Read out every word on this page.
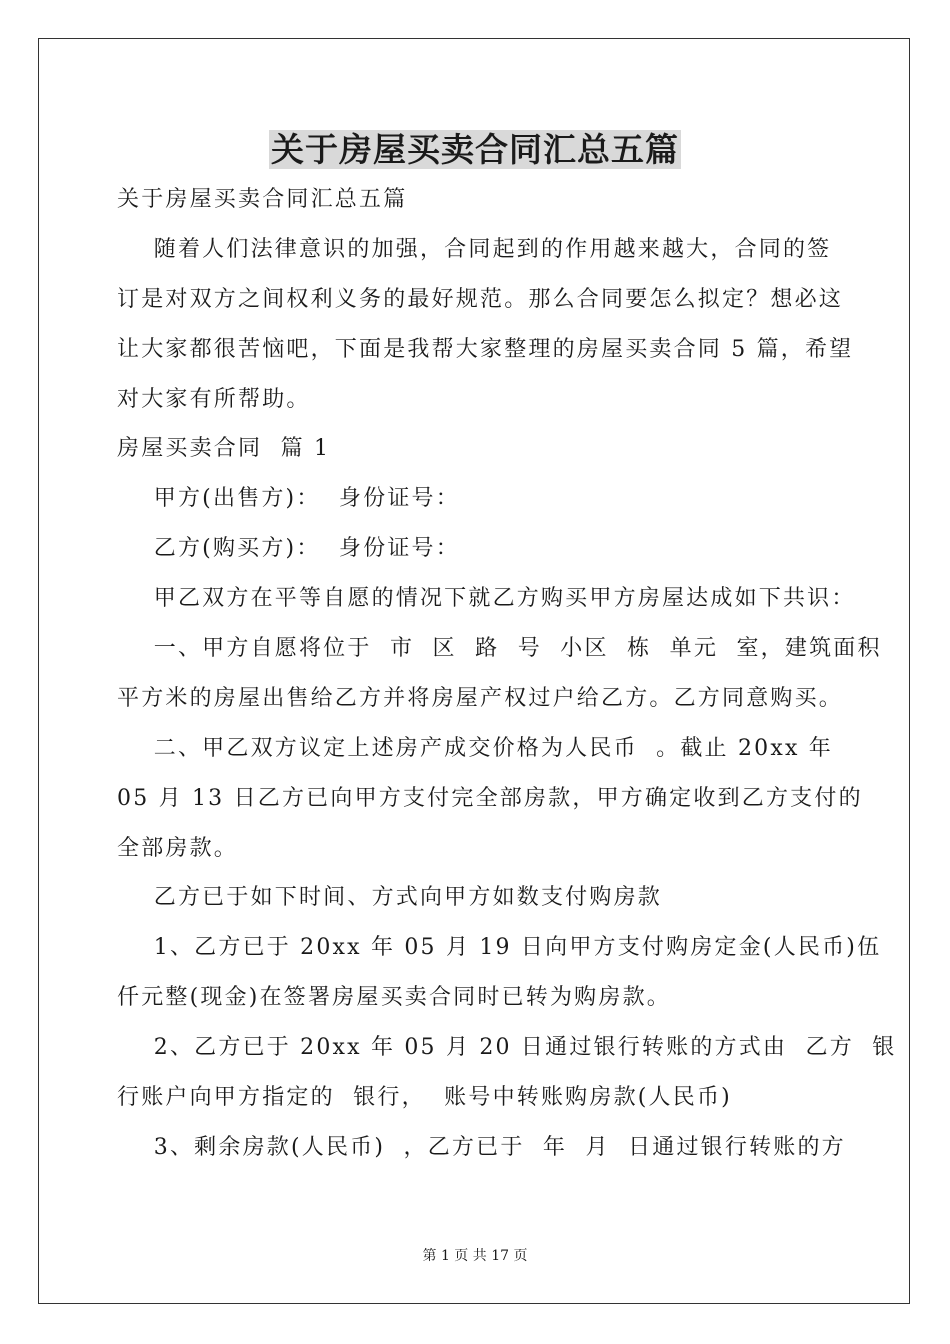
关于房屋买卖合同汇总五篇
关于房屋买卖合同汇总五篇
随着人们法律意识的加强，合同起到的作用越来越大，合同的签
订是对双方之间权利义务的最好规范。那么合同要怎么拟定？想必这
让大家都很苦恼吧，下面是我帮大家整理的房屋买卖合同 5 篇，希望
对大家有所帮助。
房屋买卖合同  篇 1
甲方(出售方)：  身份证号：
乙方(购买方)：  身份证号：
甲乙双方在平等自愿的情况下就乙方购买甲方房屋达成如下共识：
一、甲方自愿将位于  市  区  路  号  小区  栋  单元  室，建筑面积
平方米的房屋出售给乙方并将房屋产权过户给乙方。乙方同意购买。
二、甲乙双方议定上述房产成交价格为人民币  。截止 20xx 年
05 月 13 日乙方已向甲方支付完全部房款，甲方确定收到乙方支付的
全部房款。
乙方已于如下时间、方式向甲方如数支付购房款
1、乙方已于 20xx 年 05 月 19 日向甲方支付购房定金(人民币)伍
仟元整(现金)在签署房屋买卖合同时已转为购房款。
2、乙方已于 20xx 年 05 月 20 日通过银行转账的方式由  乙方  银
行账户向甲方指定的  银行，  账号中转账购房款(人民币)
3、剩余房款(人民币)  ，乙方已于  年  月  日通过银行转账的方
第 1 页 共 17 页
